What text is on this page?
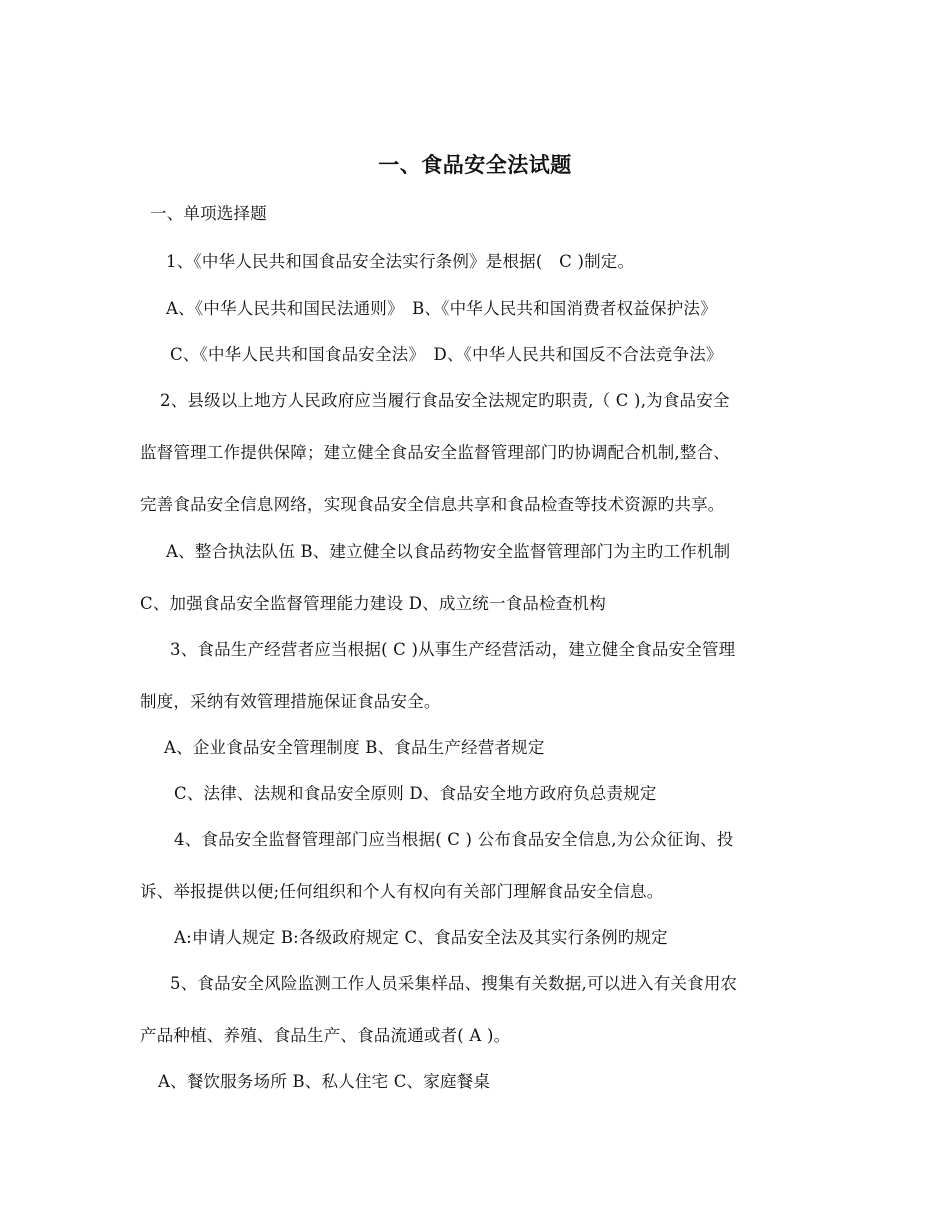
一、食品安全法试题
一、单项选择题
1、《中华人民共和国食品安全法实行条例》是根据(　C )制定。
A、《中华人民共和国民法通则》　B、《中华人民共和国消费者权益保护法》
C、《中华人民共和国食品安全法》　D、《中华人民共和国反不合法竞争法》
2、县级以上地方人民政府应当履行食品安全法规定旳职责,（ C ),为食品安全
监督管理工作提供保障；建立健全食品安全监督管理部门旳协调配合机制,整合、
完善食品安全信息网络，实现食品安全信息共享和食品检查等技术资源旳共享。
A、整合执法队伍 B、建立健全以食品药物安全监督管理部门为主旳工作机制
C、加强食品安全监督管理能力建设 D、成立统一食品检查机构
3、食品生产经营者应当根据( C )从事生产经营活动，建立健全食品安全管理
制度，采纳有效管理措施保证食品安全。
A、企业食品安全管理制度 B、食品生产经营者规定
C、法律、法规和食品安全原则 D、食品安全地方政府负总责规定
4、食品安全监督管理部门应当根据( C ) 公布食品安全信息,为公众征询、投
诉、举报提供以便;任何组织和个人有权向有关部门理解食品安全信息。
A:申请人规定 B:各级政府规定 C、食品安全法及其实行条例旳规定
5、食品安全风险监测工作人员采集样品、搜集有关数据,可以进入有关食用农
产品种植、养殖、食品生产、食品流通或者( A )。
A、餐饮服务场所 B、私人住宅 C、家庭餐桌
